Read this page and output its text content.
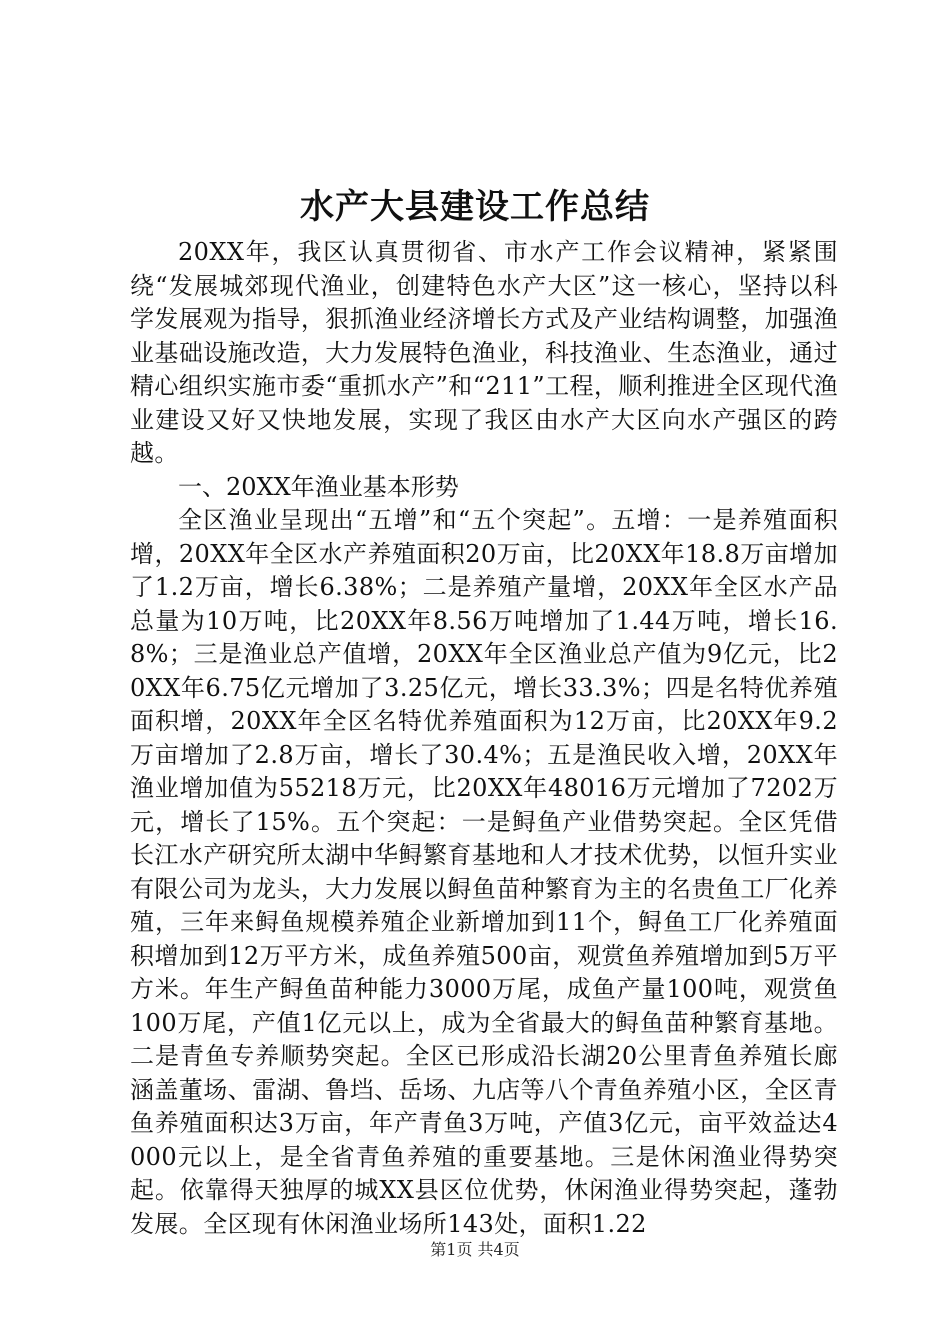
水产大县建设工作总结

20XX年，我区认真贯彻省、市水产工作会议精神，紧紧围绕“发展城郊现代渔业，创建特色水产大区”这一核心，坚持以科学发展观为指导，狠抓渔业经济增长方式及产业结构调整，加强渔业基础设施改造，大力发展特色渔业，科技渔业、生态渔业，通过精心组织实施市委“重抓水产”和“211”工程，顺利推进全区现代渔业建设又好又快地发展，实现了我区由水产大区向水产强区的跨越。

一、20XX年渔业基本形势

全区渔业呈现出“五增”和“五个突起”。五增：一是养殖面积增，20XX年全区水产养殖面积20万亩，比20XX年18.8万亩增加了1.2万亩，增长6.38%；二是养殖产量增，20XX年全区水产品总量为10万吨，比20XX年8.56万吨增加了1.44万吨，增长16.8%；三是渔业总产值增，20XX年全区渔业总产值为9亿元，比20XX年6.75亿元增加了3.25亿元，增长33.3%；四是名特优养殖面积增，20XX年全区名特优养殖面积为12万亩，比20XX年9.2万亩增加了2.8万亩，增长了30.4%；五是渔民收入增，20XX年渔业增加值为55218万元，比20XX年48016万元增加了7202万元，增长了15%。五个突起：一是鲟鱼产业借势突起。全区凭借长江水产研究所太湖中华鲟繁育基地和人才技术优势，以恒升实业有限公司为龙头，大力发展以鲟鱼苗种繁育为主的名贵鱼工厂化养殖，三年来鲟鱼规模养殖企业新增加到11个，鲟鱼工厂化养殖面积增加到12万平方米，成鱼养殖500亩，观赏鱼养殖增加到5万平方米。年生产鲟鱼苗种能力3000万尾，成鱼产量100吨，观赏鱼100万尾，产值1亿元以上，成为全省最大的鲟鱼苗种繁育基地。二是青鱼专养顺势突起。全区已形成沿长湖20公里青鱼养殖长廊涵盖董场、雷湖、鲁垱、岳场、九店等八个青鱼养殖小区，全区青鱼养殖面积达3万亩，年产青鱼3万吨，产值3亿元，亩平效益达4000元以上，是全省青鱼养殖的重要基地。三是休闲渔业得势突起。依靠得天独厚的城XX县区位优势，休闲渔业得势突起，蓬勃发展。全区现有休闲渔业场所143处，面积1.22

第1页 共4页
